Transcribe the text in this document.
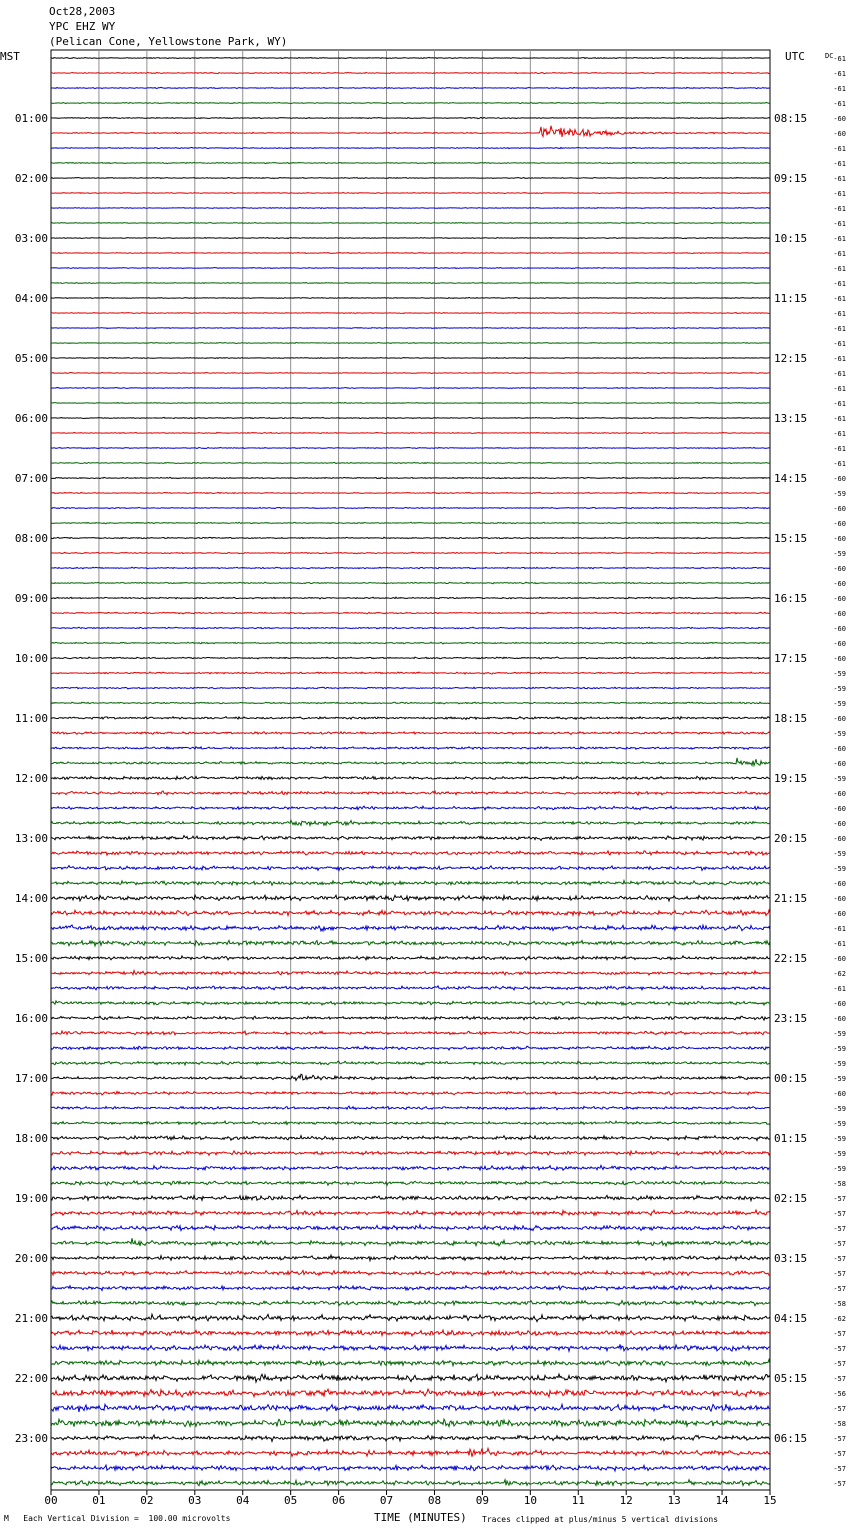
Oct28,2003
YPC EHZ WY
(Pelican Cone, Yellowstone Park, WY)
MST	UTC
00	01	02	03	04	05	06	07	08	09	10	11	12	13	14	15
-61
-61
-61
-61
-60
-60
-61
-61
-61
-61
-61
-61
-61
-61
-61
-61
-61
-61
-61
-61
-61
-61
-61
-61
-61
-61
-61
-61
-60
-59
-60
-60
-60
-59
-60
-60
-60
-60
-60
-60
-60
-59
-59
-59
-60
-59
-60
-60
-59
-60
-60
-60
-60
-59
-59
-60
-60
-60
-61
-61
-60
-62
-61
-60
-60
-59
-59
-59
-59
-60
-59
-59
-59
-59
-59
-58
-57
-57
-57
-57
-57
-57
-57
-58
-62
-57
-57
-57
-57
-56
-57
-58
-57
-57
-57
-57
DC
01:00
02:00
03:00
04:00
05:00
06:00
07:00
08:00
09:00
10:00
11:00
12:00
13:00
14:00
15:00
16:00
17:00
18:00
19:00
20:00
21:00
22:00
23:00
08:15
09:15
10:15
11:15
12:15
13:15
14:15
15:15
16:15
17:15
18:15
19:15
20:15
21:15
22:15
23:15
00:15
01:15
02:15
03:15
04:15
05:15
06:15
M Each Vertical Division =  100.00 microvolts	TIME (MINUTES) Traces clipped at plus/minus 5 vertical divisions
